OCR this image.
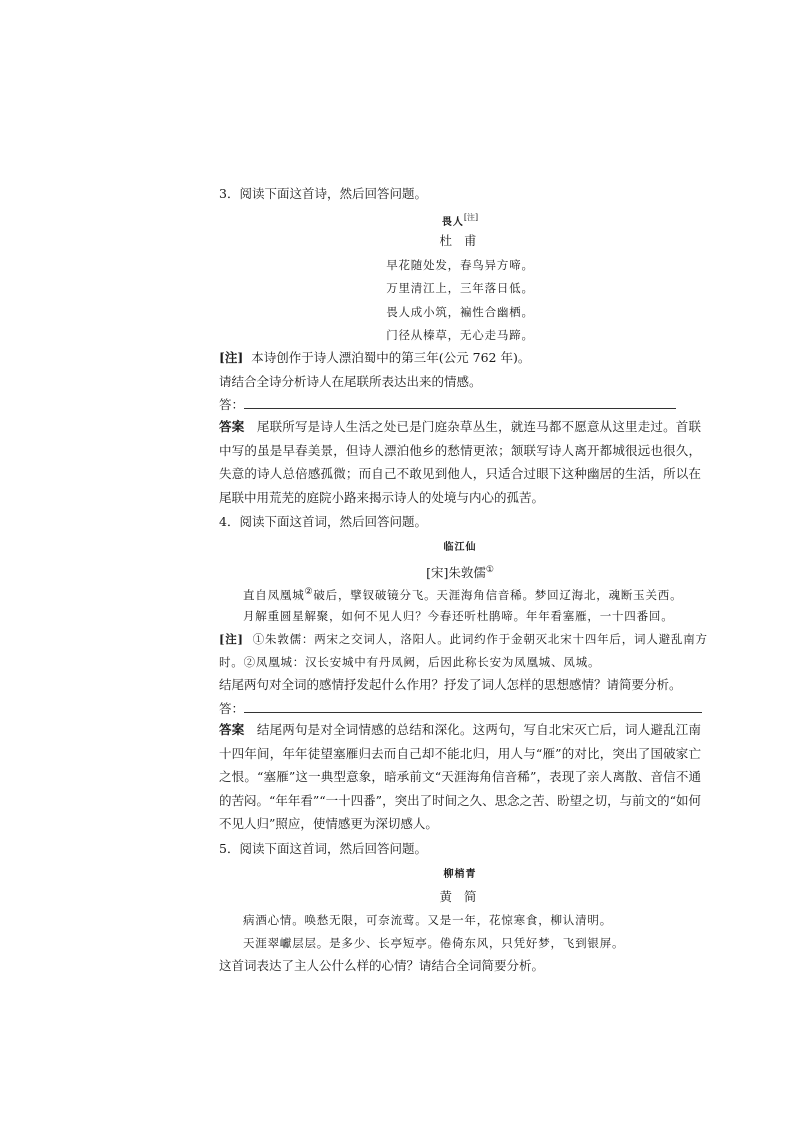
3．阅读下面这首诗，然后回答问题。
畏人[注]
杜 甫
早花随处发，春鸟异方啼。
万里清江上，三年落日低。
畏人成小筑，褊性合幽栖。
门径从榛草，无心走马蹄。
[注] 本诗创作于诗人漂泊蜀中的第三年(公元 762 年)。
请结合全诗分析诗人在尾联所表达出来的情感。
答：
答案 尾联所写是诗人生活之处已是门庭杂草丛生，就连马都不愿意从这里走过。首联中写的虽是早春美景，但诗人漂泊他乡的愁情更浓；颔联写诗人离开都城很远也很久，失意的诗人总倍感孤微；而自己不敢见到他人，只适合过眼下这种幽居的生活，所以在尾联中用荒芜的庭院小路来揭示诗人的处境与内心的孤苦。
4．阅读下面这首词，然后回答问题。
临江仙
[宋]朱敦儒①
直自凤凰城②破后，擘钗破镜分飞。天涯海角信音稀。梦回辽海北，魂断玉关西。
月解重圆星解聚，如何不见人归？今春还听杜鹃啼。年年看塞雁，一十四番回。
[注] ①朱敦儒：两宋之交词人，洛阳人。此词约作于金朝灭北宋十四年后，词人避乱南方
时。②凤凰城：汉长安城中有丹凤阙，后因此称长安为凤凰城、凤城。
结尾两句对全词的感情抒发起什么作用？抒发了词人怎样的思想感情？请简要分析。
答：
答案 结尾两句是对全词情感的总结和深化。这两句，写自北宋灭亡后，词人避乱江南十四年间，年年徒望塞雁归去而自己却不能北归，用人与“雁”的对比，突出了国破家亡之恨。“塞雁”这一典型意象，暗承前文“天涯海角信音稀”，表现了亲人离散、音信不通的苦闷。“年年看”“一十四番”，突出了时间之久、思念之苦、盼望之切，与前文的“如何不见人归”照应，使情感更为深切感人。
5．阅读下面这首词，然后回答问题。
柳梢青
黄 简
病酒心情。唤愁无限，可奈流莺。又是一年，花惊寒食，柳认清明。
天涯翠巘层层。是多少、长亭短亭。倦倚东风，只凭好梦，飞到银屏。
这首词表达了主人公什么样的心情？请结合全词简要分析。
